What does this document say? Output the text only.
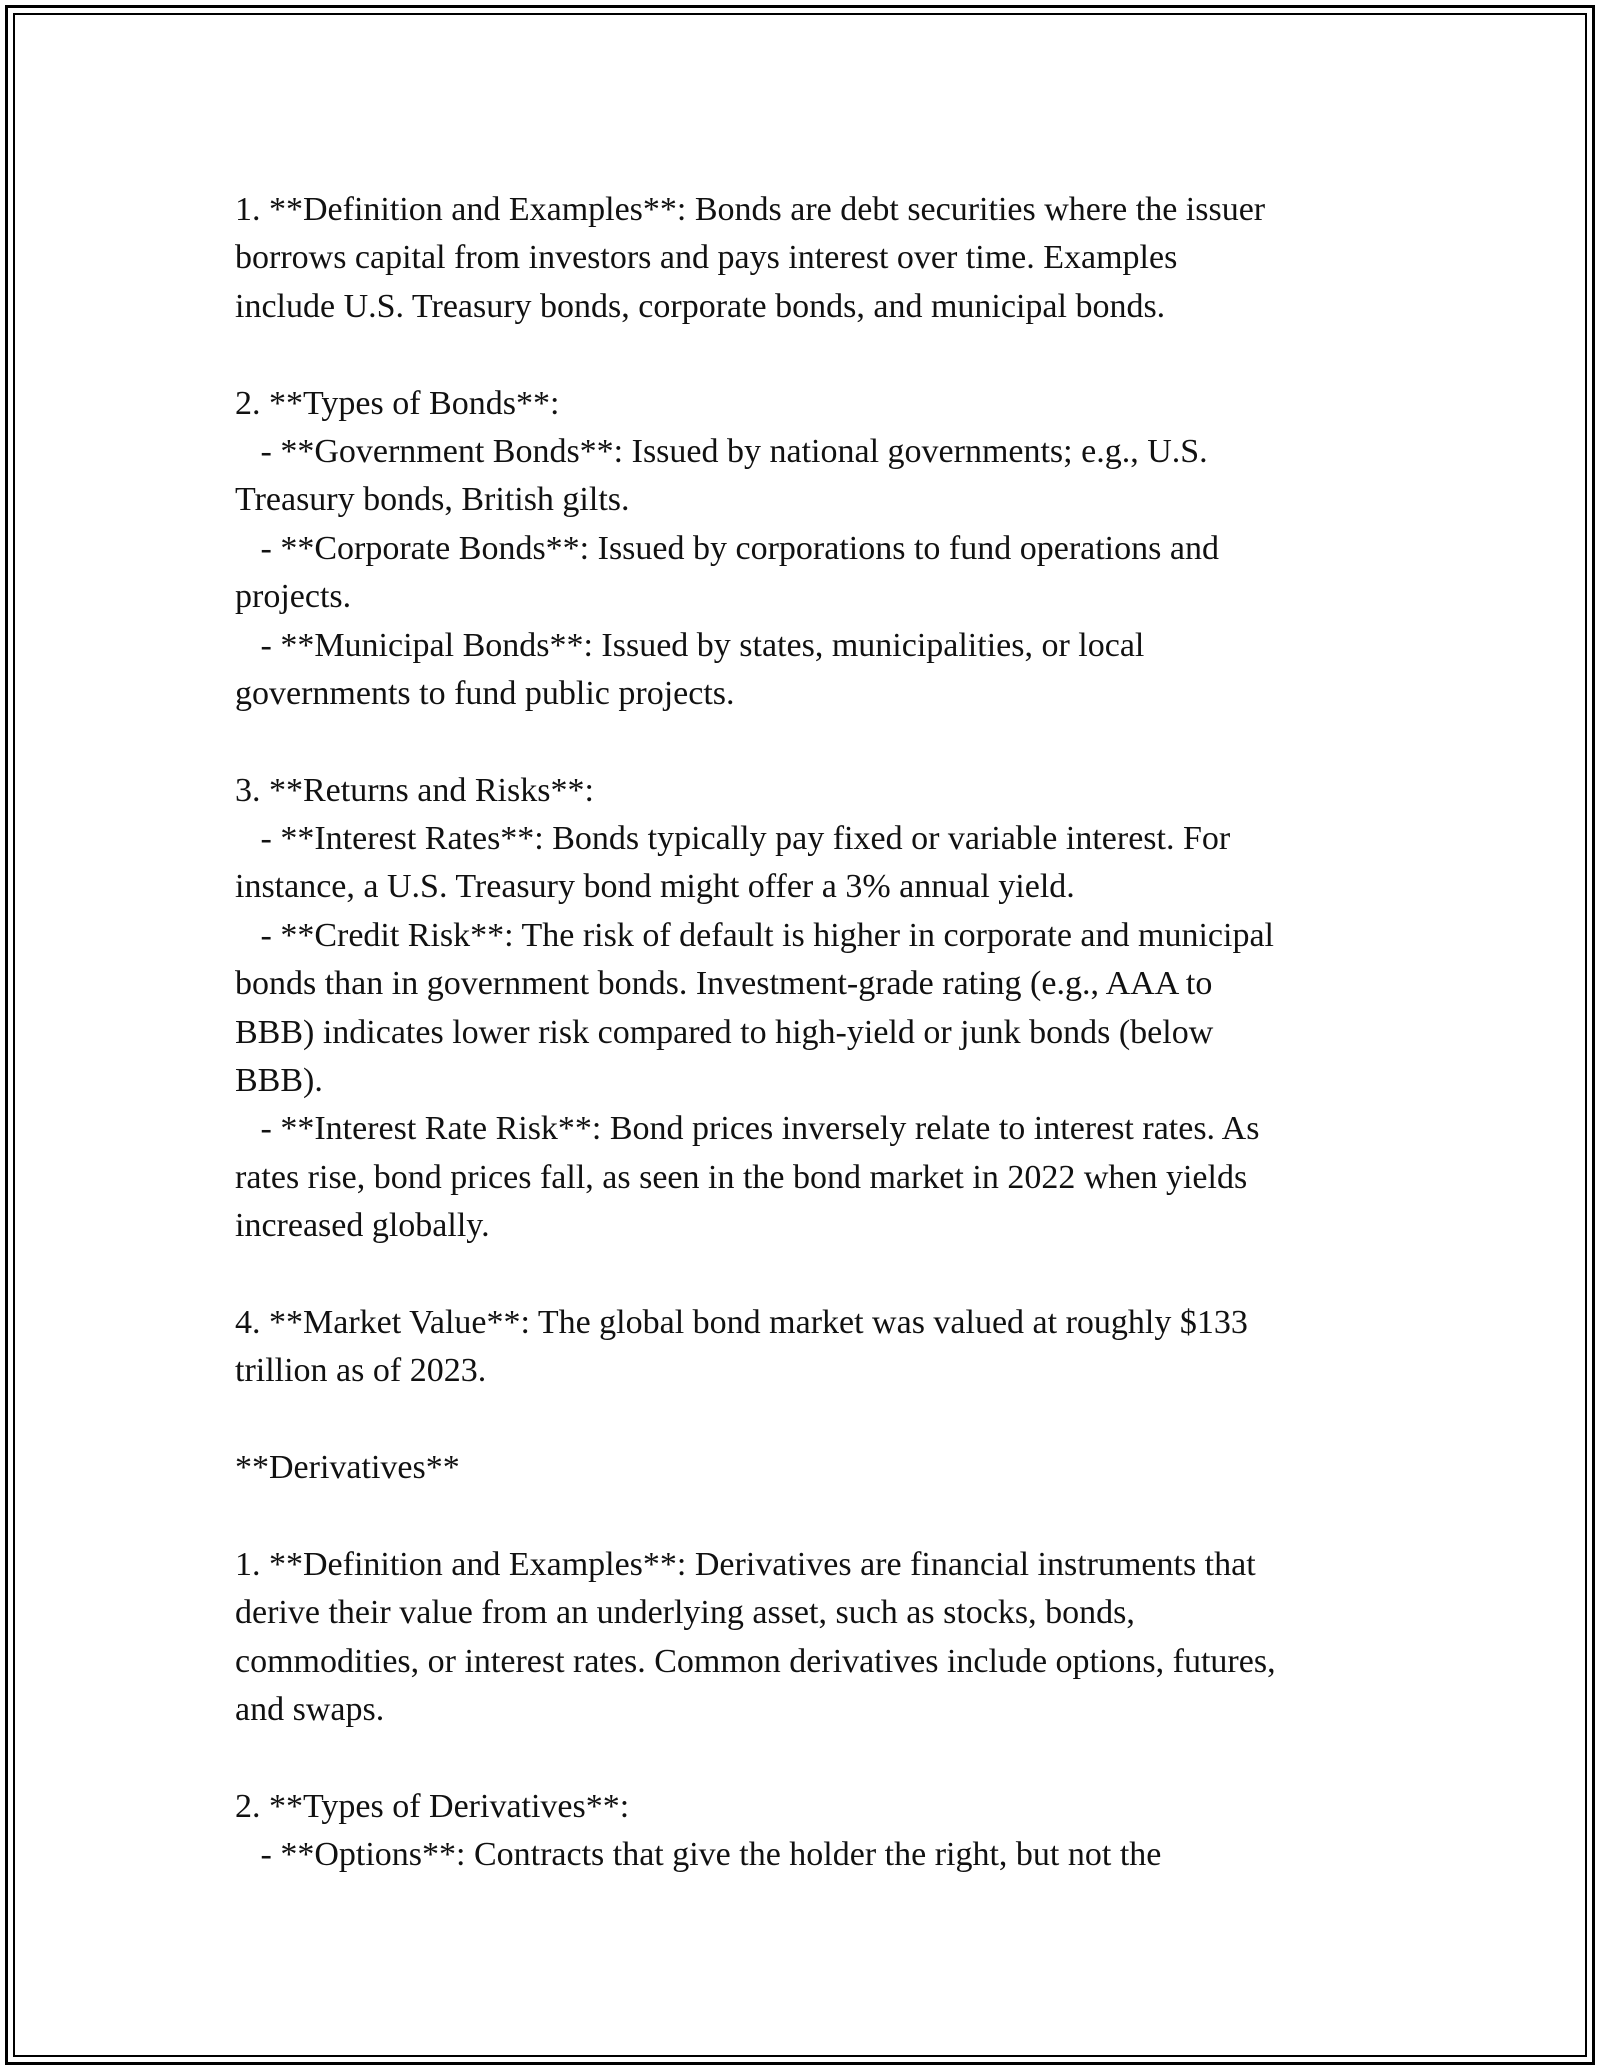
1. **Definition and Examples**: Bonds are debt securities where the issuer
borrows capital from investors and pays interest over time. Examples
include U.S. Treasury bonds, corporate bonds, and municipal bonds.
2. **Types of Bonds**:
- **Government Bonds**: Issued by national governments; e.g., U.S.
Treasury bonds, British gilts.
- **Corporate Bonds**: Issued by corporations to fund operations and
projects.
- **Municipal Bonds**: Issued by states, municipalities, or local
governments to fund public projects.
3. **Returns and Risks**:
- **Interest Rates**: Bonds typically pay fixed or variable interest. For
instance, a U.S. Treasury bond might offer a 3% annual yield.
- **Credit Risk**: The risk of default is higher in corporate and municipal
bonds than in government bonds. Investment-grade rating (e.g., AAA to
BBB) indicates lower risk compared to high-yield or junk bonds (below
BBB).
- **Interest Rate Risk**: Bond prices inversely relate to interest rates. As
rates rise, bond prices fall, as seen in the bond market in 2022 when yields
increased globally.
4. **Market Value**: The global bond market was valued at roughly $133
trillion as of 2023.
**Derivatives**
1. **Definition and Examples**: Derivatives are financial instruments that
derive their value from an underlying asset, such as stocks, bonds,
commodities, or interest rates. Common derivatives include options, futures,
and swaps.
2. **Types of Derivatives**:
- **Options**: Contracts that give the holder the right, but not the
